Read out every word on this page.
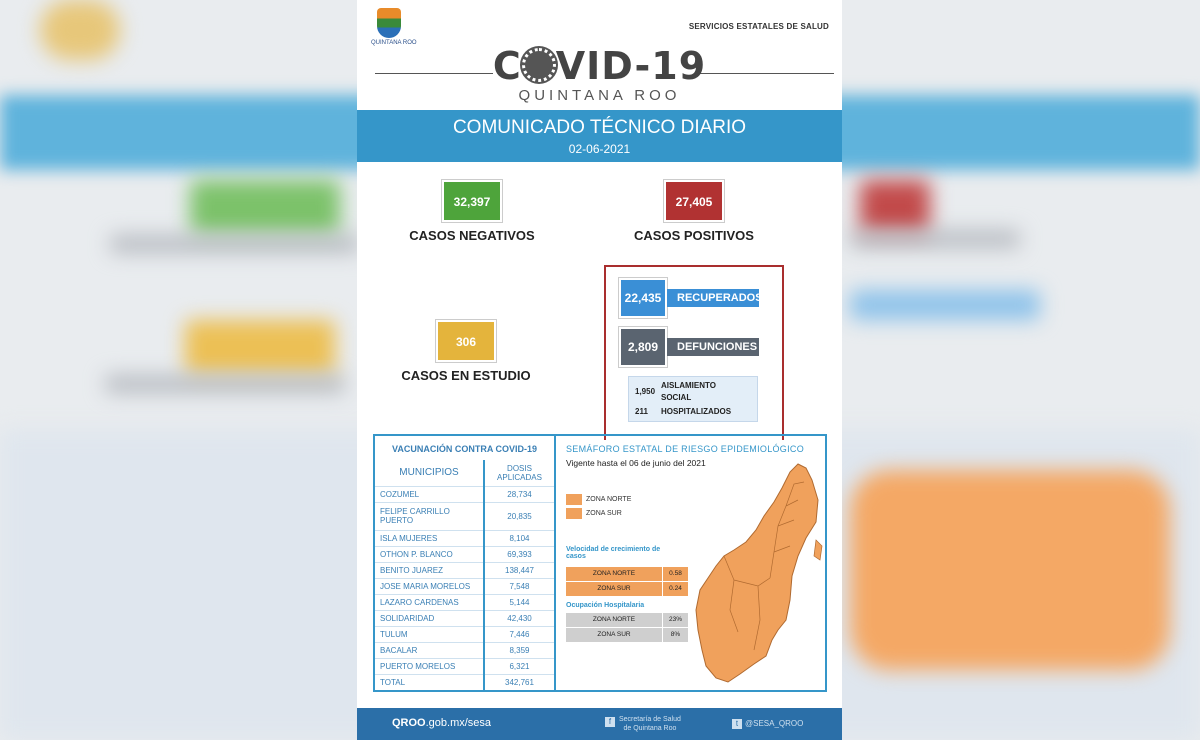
QUINTANA ROO
SERVICIOS ESTATALES DE SALUD
C VID-19
QUINTANA ROO
COMUNICADO TÉCNICO DIARIO
02-06-2021
32,397
CASOS NEGATIVOS
27,405
CASOS POSITIVOS
306
CASOS EN ESTUDIO
22,435	RECUPERADOS
2,809	DEFUNCIONES
1,950
AISLAMIENTO SOCIAL
211	HOSPITALIZADOS
VACUNACIÓN CONTRA COVID-19
MUNICIPIOS	DOSIS APLICADAS
COZUMEL	28,734
FELIPE CARRILLO PUERTO	20,835
ISLA MUJERES	8,104
OTHON P. BLANCO	69,393
BENITO JUAREZ	138,447
JOSE MARIA MORELOS	7,548
LAZARO CARDENAS	5,144
SOLIDARIDAD	42,430
TULUM	7,446
BACALAR	8,359
PUERTO MORELOS	6,321
TOTAL	342,761
SEMÁFORO ESTATAL DE RIESGO EPIDEMIOLÓGICO
Vigente hasta el 06 de junio del 2021
ZONA NORTE
ZONA SUR
Velocidad de crecimiento de casos
ZONA NORTE	0.58
ZONA SUR	0.24
Ocupación Hospitalaria
ZONA NORTE	23%
ZONA SUR	8%
QROO.gob.mx/sesa	f	Secretaría de Salud
de Quintana Roo
t @SESA_QROO
